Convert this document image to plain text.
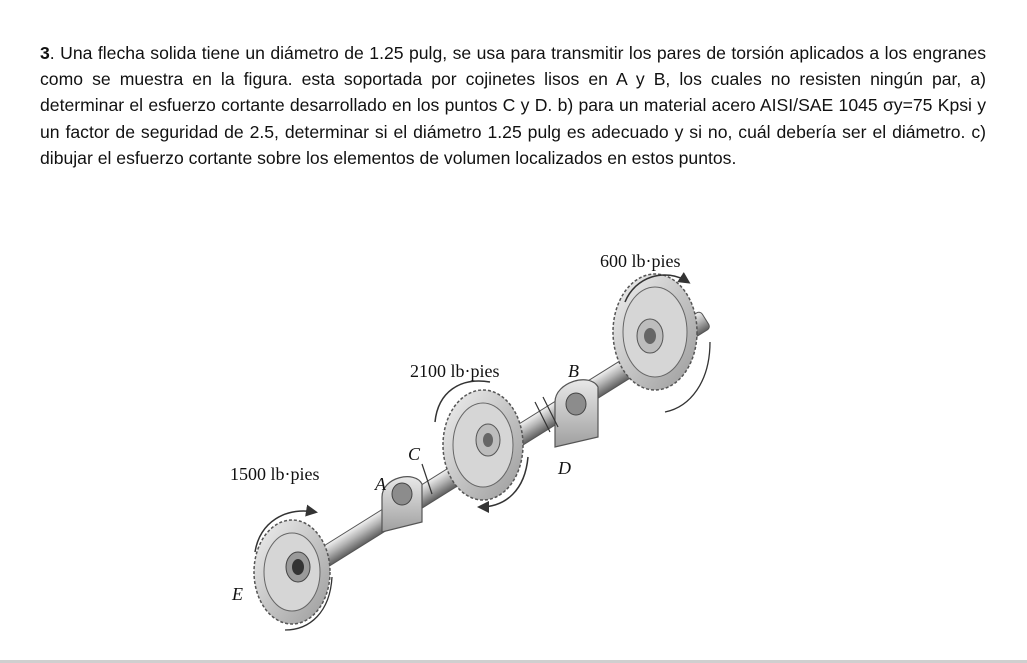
3. Una flecha solida tiene un diámetro de 1.25 pulg, se usa para transmitir los pares de torsión aplicados a los engranes como se muestra en la figura. esta soportada por cojinetes lisos en A y B, los cuales no resisten ningún par, a) determinar el esfuerzo cortante desarrollado en los puntos C y D. b) para un material acero AISI/SAE 1045 σy=75 Kpsi y un factor de seguridad de 2.5, determinar si el diámetro 1.25 pulg es adecuado y si no, cuál debería ser el diámetro. c) dibujar el esfuerzo cortante sobre los elementos de volumen localizados en estos puntos.
600 lb·pies
2100 lb·pies
1500 lb·pies
B
A
C
D
E
